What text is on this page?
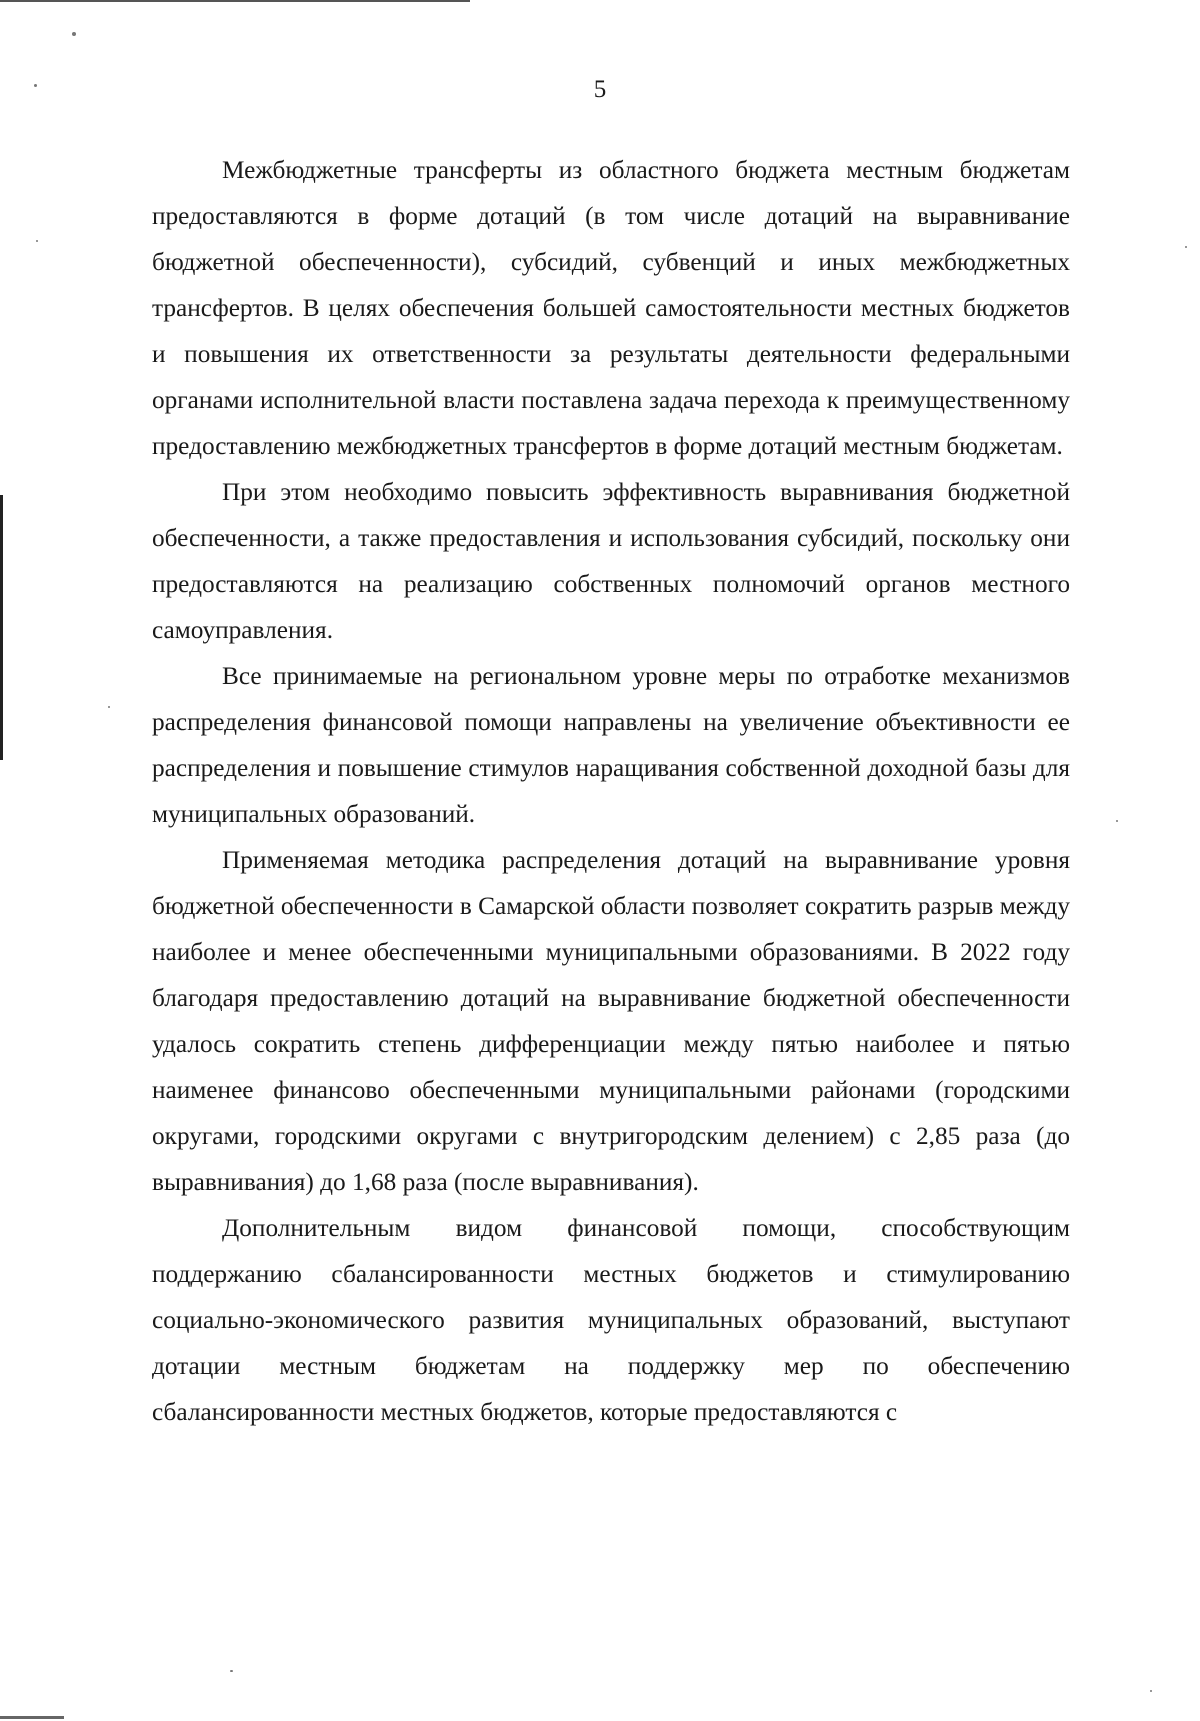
5

Межбюджетные трансферты из областного бюджета местным бюджетам предоставляются в форме дотаций (в том числе дотаций на выравнивание бюджетной обеспеченности), субсидий, субвенций и иных межбюджетных трансфертов. В целях обеспечения большей самостоятельности местных бюджетов и повышения их ответственности за результаты деятельности федеральными органами исполнительной власти поставлена задача перехода к преимущественному предоставлению межбюджетных трансфертов в форме дотаций местным бюджетам.

При этом необходимо повысить эффективность выравнивания бюджетной обеспеченности, а также предоставления и использования субсидий, поскольку они предоставляются на реализацию собственных полномочий органов местного самоуправления.

Все принимаемые на региональном уровне меры по отработке механизмов распределения финансовой помощи направлены на увеличение объективности ее распределения и повышение стимулов наращивания собственной доходной базы для муниципальных образований.

Применяемая методика распределения дотаций на выравнивание уровня бюджетной обеспеченности в Самарской области позволяет сократить разрыв между наиболее и менее обеспеченными муниципальными образованиями. В 2022 году благодаря предоставлению дотаций на выравнивание бюджетной обеспеченности удалось сократить степень дифференциации между пятью наиболее и пятью наименее финансово обеспеченными муниципальными районами (городскими округами, городскими округами с внутригородским делением) с 2,85 раза (до выравнивания) до 1,68 раза (после выравнивания).

Дополнительным видом финансовой помощи, способствующим поддержанию сбалансированности местных бюджетов и стимулированию социально-экономического развития муниципальных образований, выступают дотации местным бюджетам на поддержку мер по обеспечению сбалансированности местных бюджетов, которые предоставляются с
